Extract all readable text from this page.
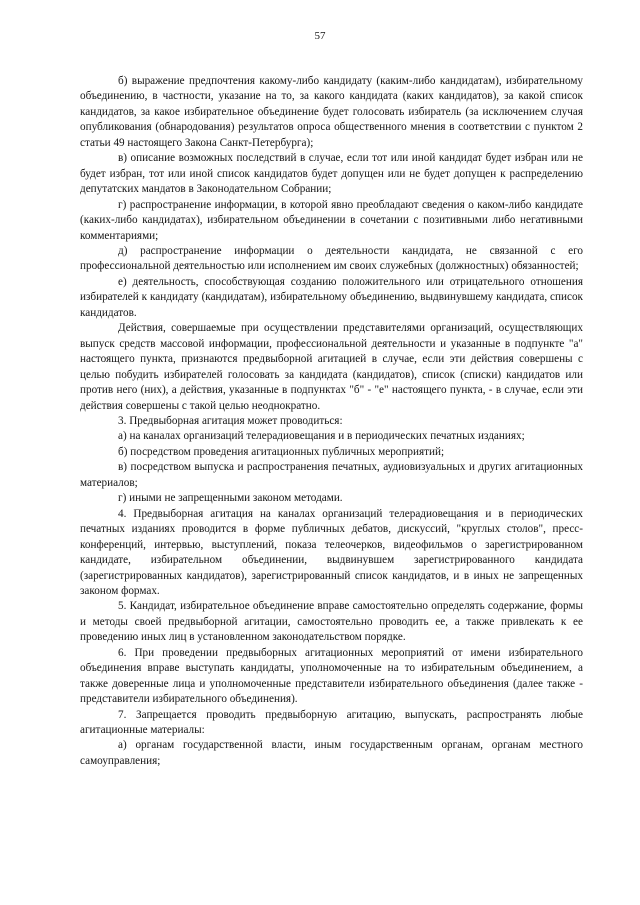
57

б) выражение предпочтения какому-либо кандидату (каким-либо кандидатам), избирательному объединению, в частности, указание на то, за какого кандидата (каких кандидатов), за какой список кандидатов, за какое избирательное объединение будет голосовать избиратель (за исключением случая опубликования (обнародования) результатов опроса общественного мнения в соответствии с пунктом 2 статьи 49 настоящего Закона Санкт-Петербурга);

в) описание возможных последствий в случае, если тот или иной кандидат будет избран или не будет избран, тот или иной список кандидатов будет допущен или не будет допущен к распределению депутатских мандатов в Законодательном Собрании;

г) распространение информации, в которой явно преобладают сведения о каком-либо кандидате (каких-либо кандидатах), избирательном объединении в сочетании с позитивными либо негативными комментариями;

д) распространение информации о деятельности кандидата, не связанной с его профессиональной деятельностью или исполнением им своих служебных (должностных) обязанностей;

е) деятельность, способствующая созданию положительного или отрицательного отношения избирателей к кандидату (кандидатам), избирательному объединению, выдвинувшему кандидата, список кандидатов.

Действия, совершаемые при осуществлении представителями организаций, осуществляющих выпуск средств массовой информации, профессиональной деятельности и указанные в подпункте "а" настоящего пункта, признаются предвыборной агитацией в случае, если эти действия совершены с целью побудить избирателей голосовать за кандидата (кандидатов), список (списки) кандидатов или против него (них), а действия, указанные в подпунктах "б" - "е" настоящего пункта, - в случае, если эти действия совершены с такой целью неоднократно.

3. Предвыборная агитация может проводиться:

а) на каналах организаций телерадиовещания и в периодических печатных изданиях;

б) посредством проведения агитационных публичных мероприятий;

в) посредством выпуска и распространения печатных, аудиовизуальных и других агитационных материалов;

г) иными не запрещенными законом методами.

4. Предвыборная агитация на каналах организаций телерадиовещания и в периодических печатных изданиях проводится в форме публичных дебатов, дискуссий, "круглых столов", пресс-конференций, интервью, выступлений, показа телеочерков, видеофильмов о зарегистрированном кандидате, избирательном объединении, выдвинувшем зарегистрированного кандидата (зарегистрированных кандидатов), зарегистрированный список кандидатов, и в иных не запрещенных законом формах.

5. Кандидат, избирательное объединение вправе самостоятельно определять содержание, формы и методы своей предвыборной агитации, самостоятельно проводить ее, а также привлекать к ее проведению иных лиц в установленном законодательством порядке.

6. При проведении предвыборных агитационных мероприятий от имени избирательного объединения вправе выступать кандидаты, уполномоченные на то избирательным объединением, а также доверенные лица и уполномоченные представители избирательного объединения (далее также - представители избирательного объединения).

7. Запрещается проводить предвыборную агитацию, выпускать, распространять любые агитационные материалы:

а) органам государственной власти, иным государственным органам, органам местного самоуправления;
